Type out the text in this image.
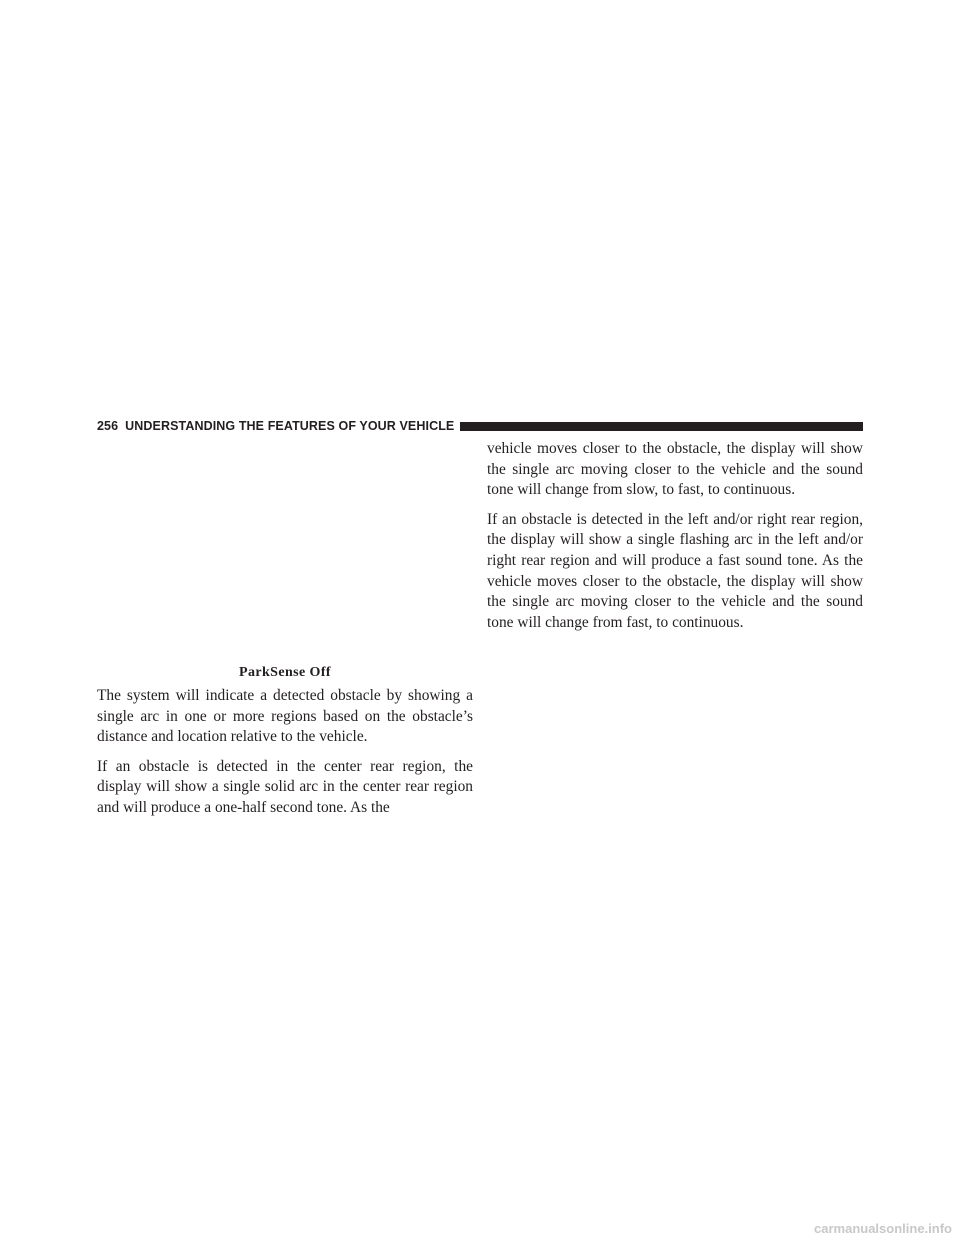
256 UNDERSTANDING THE FEATURES OF YOUR VEHICLE
ParkSense Off

The system will indicate a detected obstacle by showing a single arc in one or more regions based on the obstacle’s distance and location relative to the vehicle.

If an obstacle is detected in the center rear region, the display will show a single solid arc in the center rear region and will produce a one-half second tone. As the

vehicle moves closer to the obstacle, the display will show the single arc moving closer to the vehicle and the sound tone will change from slow, to fast, to continuous.

If an obstacle is detected in the left and/or right rear region, the display will show a single flashing arc in the left and/or right rear region and will produce a fast sound tone. As the vehicle moves closer to the obstacle, the display will show the single arc moving closer to the vehicle and the sound tone will change from fast, to continuous.

carmanualsonline.info
